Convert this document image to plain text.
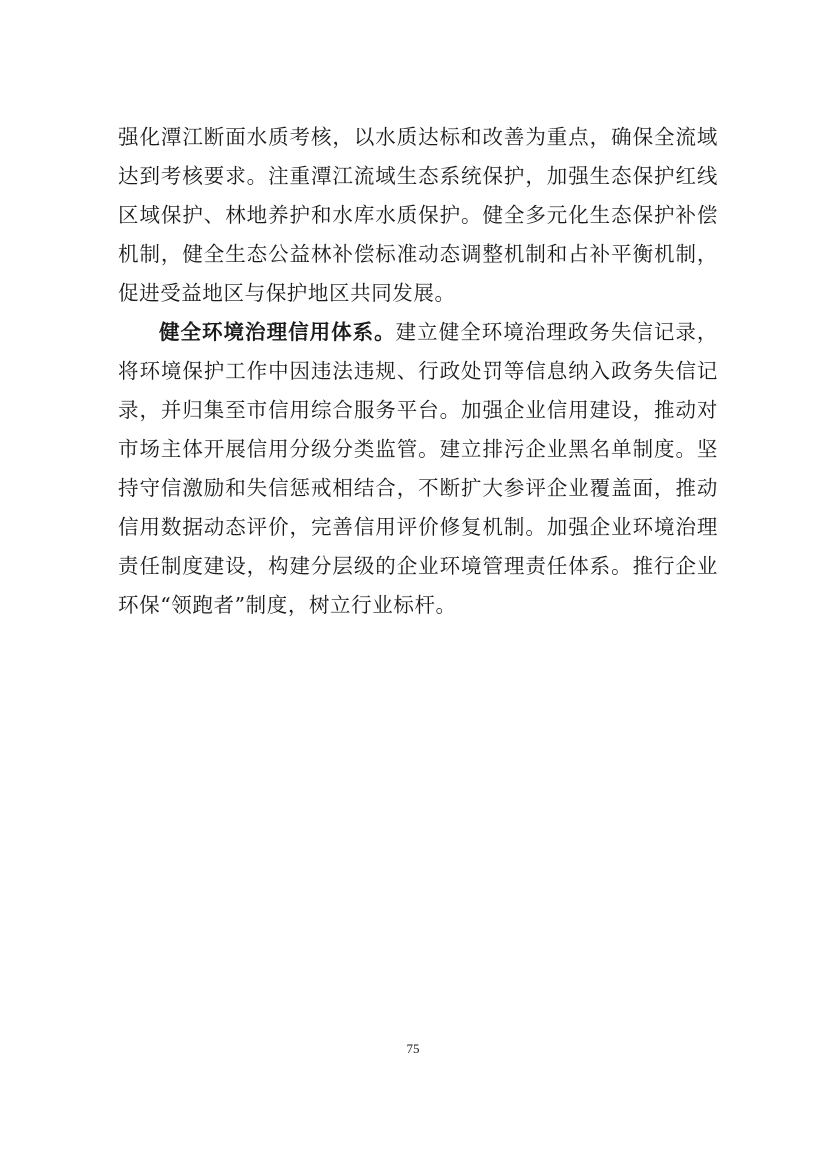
强化潭江断面水质考核，以水质达标和改善为重点，确保全流域
达到考核要求。注重潭江流域生态系统保护，加强生态保护红线
区域保护、林地养护和水库水质保护。健全多元化生态保护补偿
机制，健全生态公益林补偿标准动态调整机制和占补平衡机制，
促进受益地区与保护地区共同发展。
健全环境治理信用体系。建立健全环境治理政务失信记录，
将环境保护工作中因违法违规、行政处罚等信息纳入政务失信记
录，并归集至市信用综合服务平台。加强企业信用建设，推动对
市场主体开展信用分级分类监管。建立排污企业黑名单制度。坚
持守信激励和失信惩戒相结合，不断扩大参评企业覆盖面，推动
信用数据动态评价，完善信用评价修复机制。加强企业环境治理
责任制度建设，构建分层级的企业环境管理责任体系。推行企业
环保“领跑者”制度，树立行业标杆。
75
